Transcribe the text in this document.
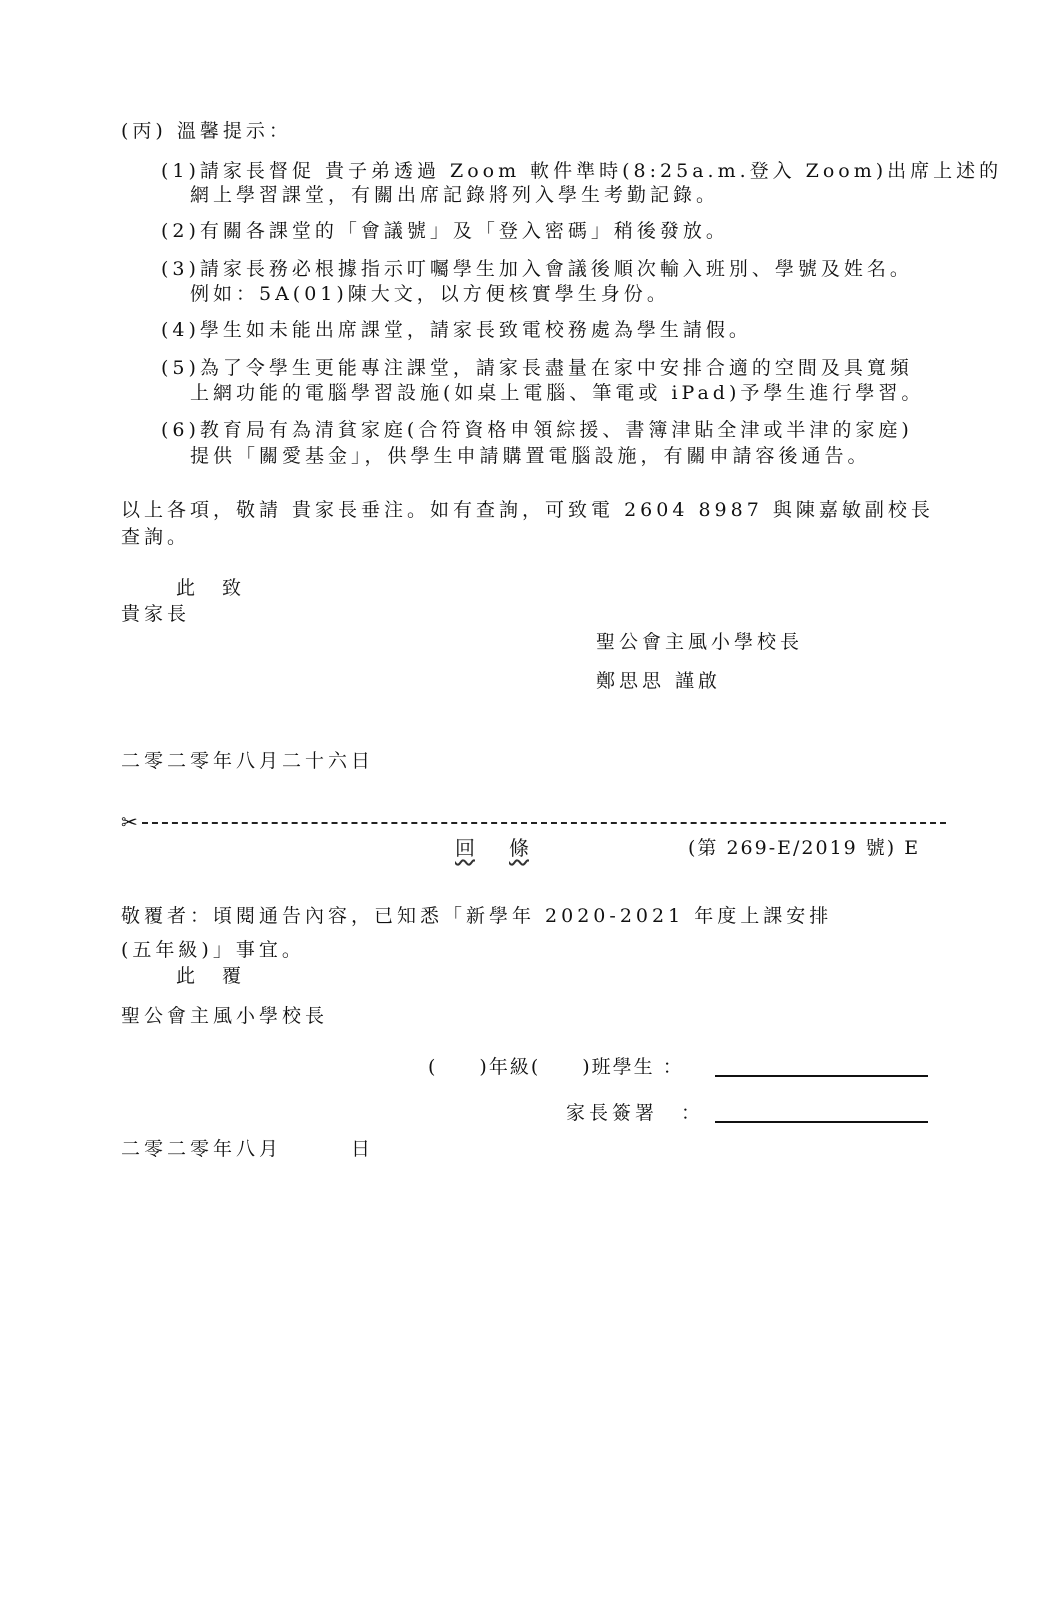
(丙) 溫馨提示：
(1)請家長督促 貴子弟透過 Zoom 軟件準時(8:25a.m.登入 Zoom)出席上述的
網上學習課堂，有關出席記錄將列入學生考勤記錄。
(2)有關各課堂的「會議號」及「登入密碼」稍後發放。
(3)請家長務必根據指示叮囑學生加入會議後順次輸入班別、學號及姓名。
例如：5A(01)陳大文，以方便核實學生身份。
(4)學生如未能出席課堂，請家長致電校務處為學生請假。
(5)為了令學生更能專注課堂，請家長盡量在家中安排合適的空間及具寬頻
上網功能的電腦學習設施(如桌上電腦、筆電或 iPad)予學生進行學習。
(6)教育局有為清貧家庭(合符資格申領綜援、書簿津貼全津或半津的家庭)
提供「關愛基金」，供學生申請購置電腦設施，有關申請容後通告。
以上各項，敬請 貴家長垂注。如有查詢，可致電 2604 8987 與陳嘉敏副校長
查詢。
此　致
貴家長
聖公會主風小學校長
鄭思思 謹啟
二零二零年八月二十六日
✂
回 條	(第 269-E/2019 號) E
敬覆者：頃閱通告內容，已知悉「新學年 2020-2021 年度上課安排
(五年級)」事宜。
此　覆
聖公會主風小學校長
(　　)年級(　　)班學生 ：
家長簽署　：
二零二零年八月　　　日
